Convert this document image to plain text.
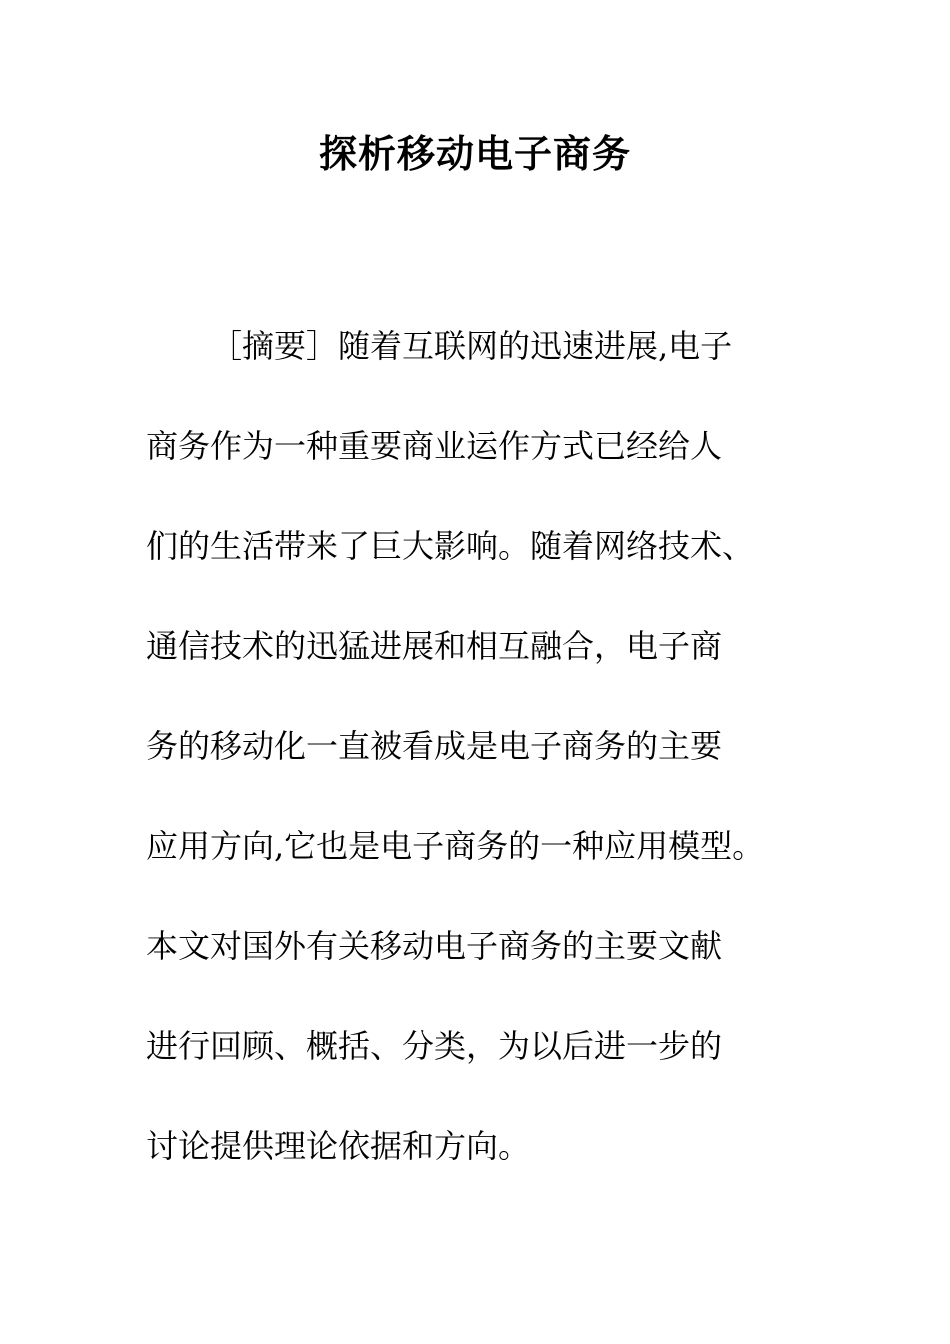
探析移动电子商务
［摘要］随着互联网的迅速进展,电子
商务作为一种重要商业运作方式已经给人
们的生活带来了巨大影响。随着网络技术、
通信技术的迅猛进展和相互融合，电子商
务的移动化一直被看成是电子商务的主要
应用方向,它也是电子商务的一种应用模型。
本文对国外有关移动电子商务的主要文献
进行回顾、概括、分类，为以后进一步的
讨论提供理论依据和方向。
